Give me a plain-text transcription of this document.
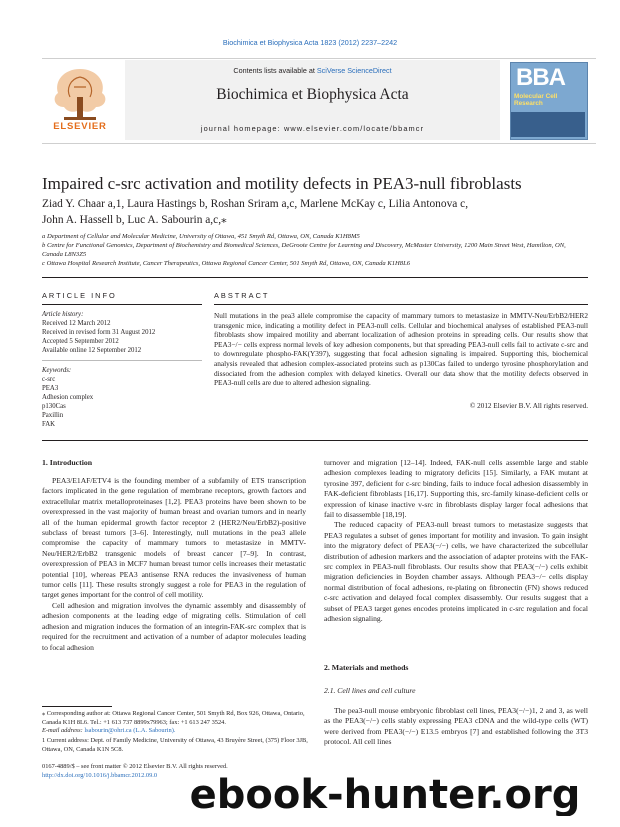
Biochimica et Biophysica Acta 1823 (2012) 2237–2242
ELSEVIER
Contents lists available at SciVerse ScienceDirect
Biochimica et Biophysica Acta
journal homepage: www.elsevier.com/locate/bbamcr
BBA
Molecular Cell Research
Impaired c-src activation and motility defects in PEA3-null fibroblasts
Ziad Y. Chaar a,1, Laura Hastings b, Roshan Sriram a,c, Marlene McKay c, Lilia Antonova c,
John A. Hassell b, Luc A. Sabourin a,c,⁎
a Department of Cellular and Molecular Medicine, University of Ottawa, 451 Smyth Rd, Ottawa, ON, Canada K1H8M5
b Centre for Functional Genomics, Department of Biochemistry and Biomedical Sciences, DeGroote Centre for Learning and Discovery, McMaster University, 1200 Main Street West, Hamilton, ON, Canada L8N3Z5
c Ottawa Hospital Research Institute, Cancer Therapeutics, Ottawa Regional Cancer Center, 501 Smyth Rd, Ottawa, ON, Canada K1H8L6
ARTICLE INFO
Article history:
Received 12 March 2012
Received in revised form 31 August 2012
Accepted 5 September 2012
Available online 12 September 2012
Keywords:
c-src
PEA3
Adhesion complex
p130Cas
Paxillin
FAK
ABSTRACT
Null mutations in the pea3 allele compromise the capacity of mammary tumors to metastasize in MMTV-Neu/ErbB2/HER2 transgenic mice, indicating a motility defect in PEA3-null cells. Cellular and biochemical analyses of established PEA3-null fibroblasts show impaired motility and aberrant localization of adhesion proteins in spreading cells. Our results show that PEA3−/− cells express normal levels of key adhesion components, but that spreading PEA3-null cells fail to activate c-src and to downregulate phospho-FAK(Y397), suggesting that focal adhesion signaling is impaired. Supporting this, biochemical analysis revealed that adhesion complex-associated proteins such as p130Cas failed to undergo tyrosine phosphorylation and dissociated from the adhesion complex with delayed kinetics. Overall our data show that the motility defects observed in PEA3-null cells are due to altered adhesion signaling.
© 2012 Elsevier B.V. All rights reserved.
1. Introduction

PEA3/E1AF/ETV4 is the founding member of a subfamily of ETS transcription factors implicated in the gene regulation of membrane receptors, growth factors and extracellular matrix metalloproteinases [1,2]. PEA3 proteins have been shown to be overexpressed in the vast majority of human breast and ovarian tumors and in nearly all of the human epidermal growth factor receptor 2 (HER2/Neu/ErbB2)-positive subclass of breast tumors [3–6]. Interestingly, null mutations in the pea3 allele compromise the capacity of mammary tumors to metastasize in MMTV-Neu/HER2/ErbB2 transgenic models of breast cancer [7–9]. In contrast, overexpression of PEA3 in MCF7 human breast tumor cells increases their metastatic potential [10], whereas PEA3 antisense RNA reduces the invasiveness of human tumor cells [11]. These results strongly suggest a role for PEA3 in the regulation of target genes important for the control of cell motility.

Cell adhesion and migration involves the dynamic assembly and disassembly of adhesion components at the leading edge of migrating cells. Stimulation of cell adhesion and migration induces the formation of an integrin-FAK-src complex that is required for the recruitment and activation of a number of adaptor molecules leading to focal adhesion

turnover and migration [12–14]. Indeed, FAK-null cells assemble large and stable adhesion complexes leading to migratory deficits [15]. Similarly, a FAK mutant at tyrosine 397, deficient for c-src binding, fails to induce focal adhesion disassembly in FAK-deficient fibroblasts [16,17]. Supporting this, src-family kinase-deficient cells or expression of kinase inactive v-src in fibroblasts display larger focal adhesions that fail to disassemble [18,19].

The reduced capacity of PEA3-null breast tumors to metastasize suggests that PEA3 regulates a subset of genes important for motility and invasion. To gain insight into the migratory defect of PEA3(−/−) cells, we have characterized the subcellular distribution of adhesion markers and the association of adapter proteins with the FAK-src complex in PEA3-null fibroblasts. Our results show that PEA3(−/−) cells exhibit migration deficiencies in Boyden chamber assays. Although PEA3−/− cells display normal distribution of focal adhesions, re-plating on fibronectin (FN) shows reduced c-src activation and delayed focal complex disassembly. Our results suggest that a subset of PEA3 target genes encodes proteins implicated in c-src regulation and focal adhesion signaling.

2. Materials and methods
2.1. Cell lines and cell culture

The pea3-null mouse embryonic fibroblast cell lines, PEA3(−/−)1, 2 and 3, as well as the PEA3(−/−) cells stably expressing PEA3 cDNA and the wild-type cells (WT) were derived from PEA3(−/−) E13.5 embryos [7] and established following the 3T3 protocol. All cell lines

⁎ Corresponding author at: Ottawa Regional Cancer Center, 501 Smyth Rd, Box 926, Ottawa, Ontario, Canada K1H 8L6. Tel.: +1 613 737 8899x79963; fax: +1 613 247 3524.
E-mail address: lsabourin@ohri.ca (L.A. Sabourin).
1 Current address: Dept. of Family Medicine, University of Ottawa, 43 Bruyère Street, (375) Floor 3JB, Ottawa, ON, Canada K1N 5C8.
0167-4889/$ – see front matter © 2012 Elsevier B.V. All rights reserved.
http://dx.doi.org/10.1016/j.bbamcr.2012.09.0 ebook-hunter.org
